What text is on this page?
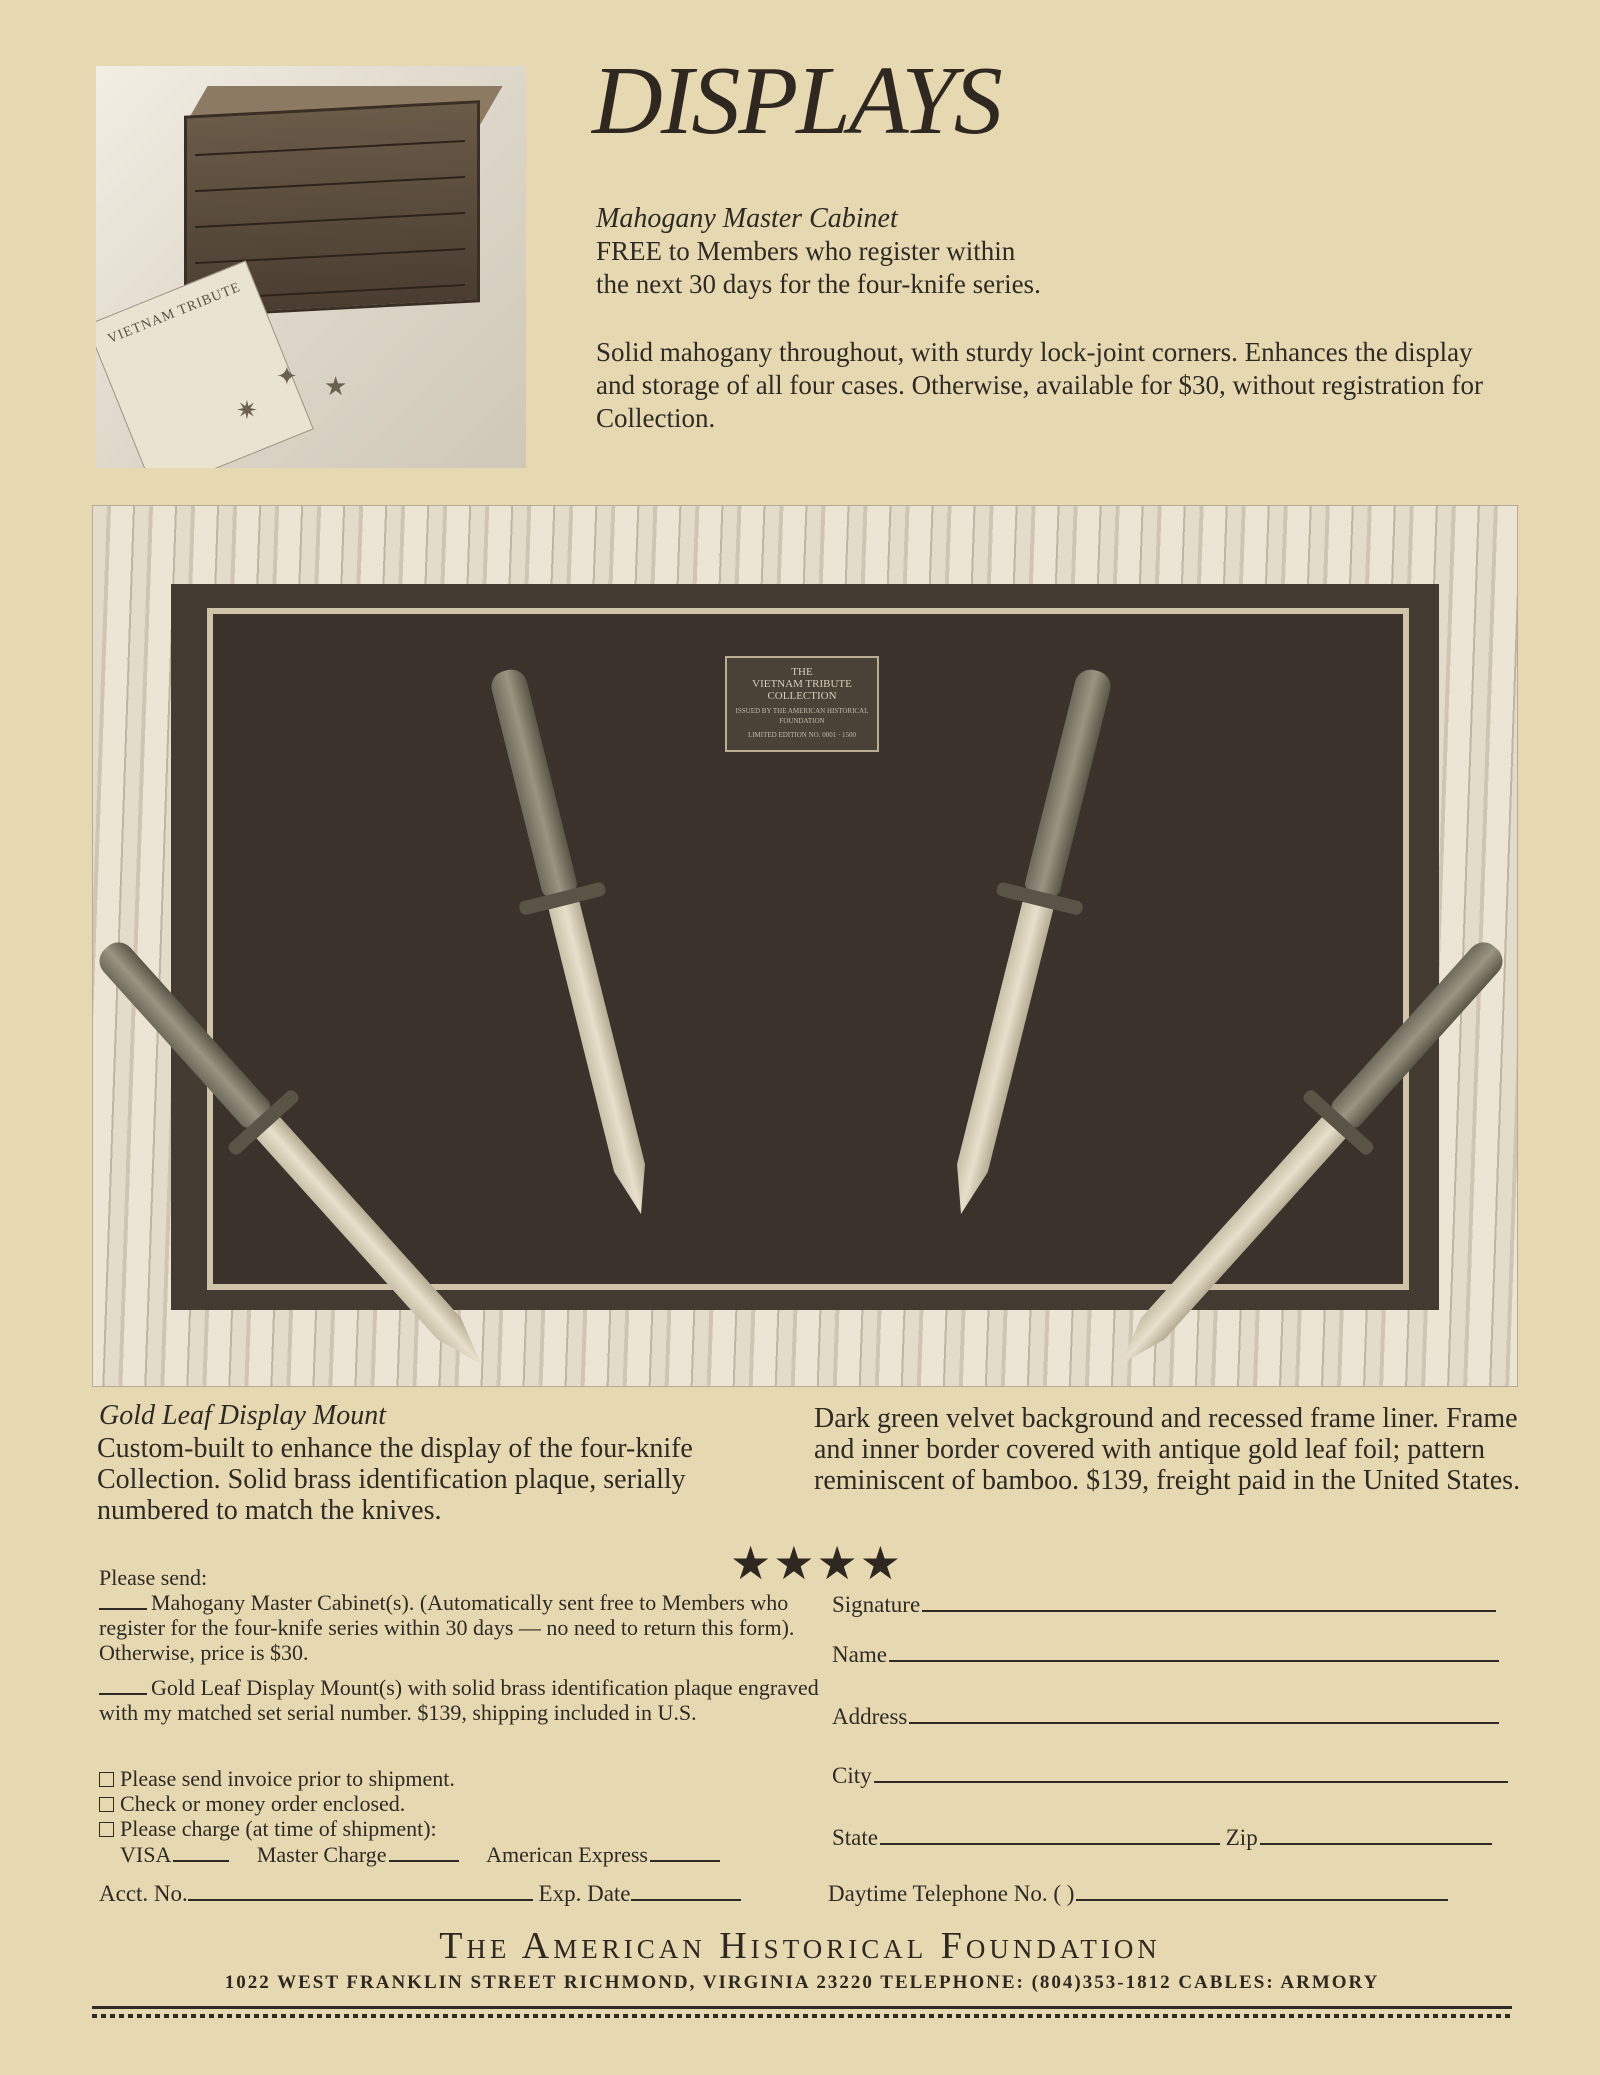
VIETNAM TRIBUTE
✦ ★
✷
DISPLAYS
Mahogany Master Cabinet
FREE to Members who register within
the next 30 days for the four-knife series.
Solid mahogany throughout, with sturdy lock-joint corners. Enhances the display and storage of all four cases. Otherwise, available for $30, without registration for Collection.
THE
VIETNAM TRIBUTE
COLLECTION
ISSUED BY THE AMERICAN HISTORICAL FOUNDATION
LIMITED EDITION NO. 0001 · 1500
Gold Leaf Display Mount
Custom-built to enhance the display of the four-knife Collection. Solid brass identification plaque, serially numbered to match the knives.
Dark green velvet background and recessed frame liner. Frame and inner border covered with antique gold leaf foil; pattern reminiscent of bamboo. $139, freight paid in the United States.
★★★★
Please send:
Mahogany Master Cabinet(s). (Automatically sent free to Members who register for the four-knife series within 30 days — no need to return this form). Otherwise, price is $30.
Gold Leaf Display Mount(s) with solid brass identification plaque engraved with my matched set serial number. $139, shipping included in U.S.
Please send invoice prior to shipment.
Check or money order enclosed.
Please charge (at time of shipment):
VISA	Master Charge	American Express
Acct. No.	Exp. Date
Signature
Name
Address
City
State	Zip
Daytime Telephone No. ( )
The American Historical Foundation
1022 WEST FRANKLIN STREET RICHMOND, VIRGINIA 23220 TELEPHONE: (804)353-1812 CABLES: ARMORY
